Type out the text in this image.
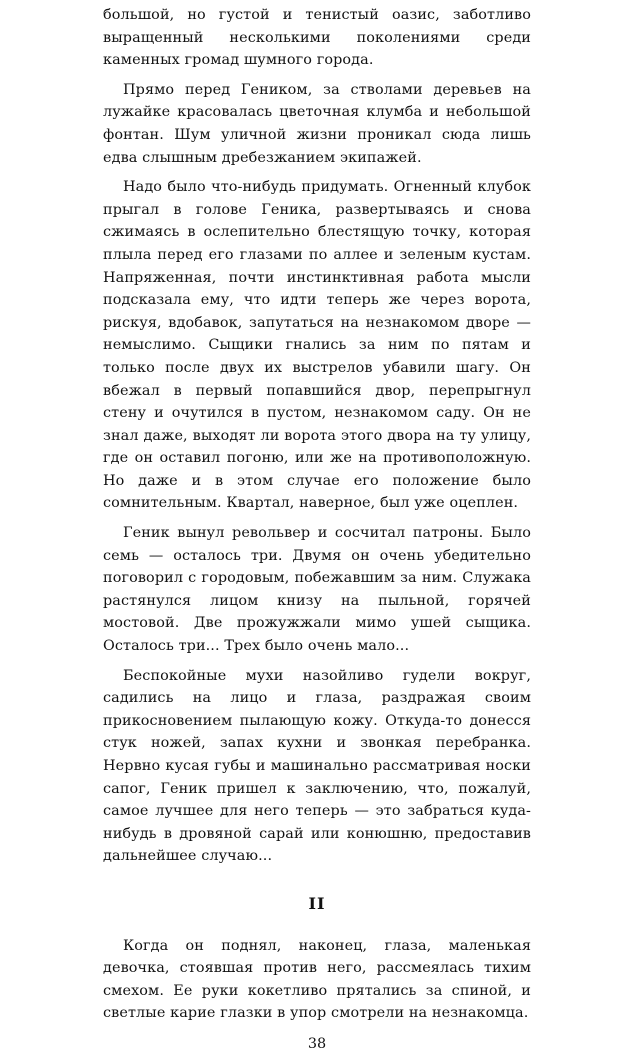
большой, но густой и тенистый оазис, заботливо выращенный несколькими поколениями среди каменных громад шумного города.

Прямо перед Геником, за стволами деревьев на лужайке красовалась цветочная клумба и небольшой фонтан. Шум уличной жизни проникал сюда лишь едва слышным дребезжанием экипажей.

Надо было что-нибудь придумать. Огненный клубок прыгал в голове Геника, развертываясь и снова сжимаясь в ослепительно блестящую точку, которая плыла перед его глазами по аллее и зеленым кустам. Напряженная, почти инстинктивная работа мысли подсказала ему, что идти теперь же через ворота, рискуя, вдобавок, запутаться на незнакомом дворе — немыслимо. Сыщики гнались за ним по пятам и только после двух их выстрелов убавили шагу. Он вбежал в первый попавшийся двор, перепрыгнул стену и очутился в пустом, незнакомом саду. Он не знал даже, выходят ли ворота этого двора на ту улицу, где он оставил погоню, или же на противоположную. Но даже и в этом случае его положение было сомнительным. Квартал, наверное, был уже оцеплен.

Геник вынул револьвер и сосчитал патроны. Было семь — осталось три. Двумя он очень убедительно поговорил с городовым, побежавшим за ним. Служака растянулся лицом книзу на пыльной, горячей мостовой. Две прожужжали мимо ушей сыщика. Осталось три... Трех было очень мало...

Беспокойные мухи назойливо гудели вокруг, садились на лицо и глаза, раздражая своим прикосновением пылающую кожу. Откуда-то донесся стук ножей, запах кухни и звонкая перебранка. Нервно кусая губы и машинально рассматривая носки сапог, Геник пришел к заключению, что, пожалуй, самое лучшее для него теперь — это забраться куда-нибудь в дровяной сарай или конюшню, предоставив дальнейшее случаю...

II

Когда он поднял, наконец, глаза, маленькая девочка, стоявшая против него, рассмеялась тихим смехом. Ее руки кокетливо прятались за спиной, и светлые карие глазки в упор смотрели на незнакомца.

38
